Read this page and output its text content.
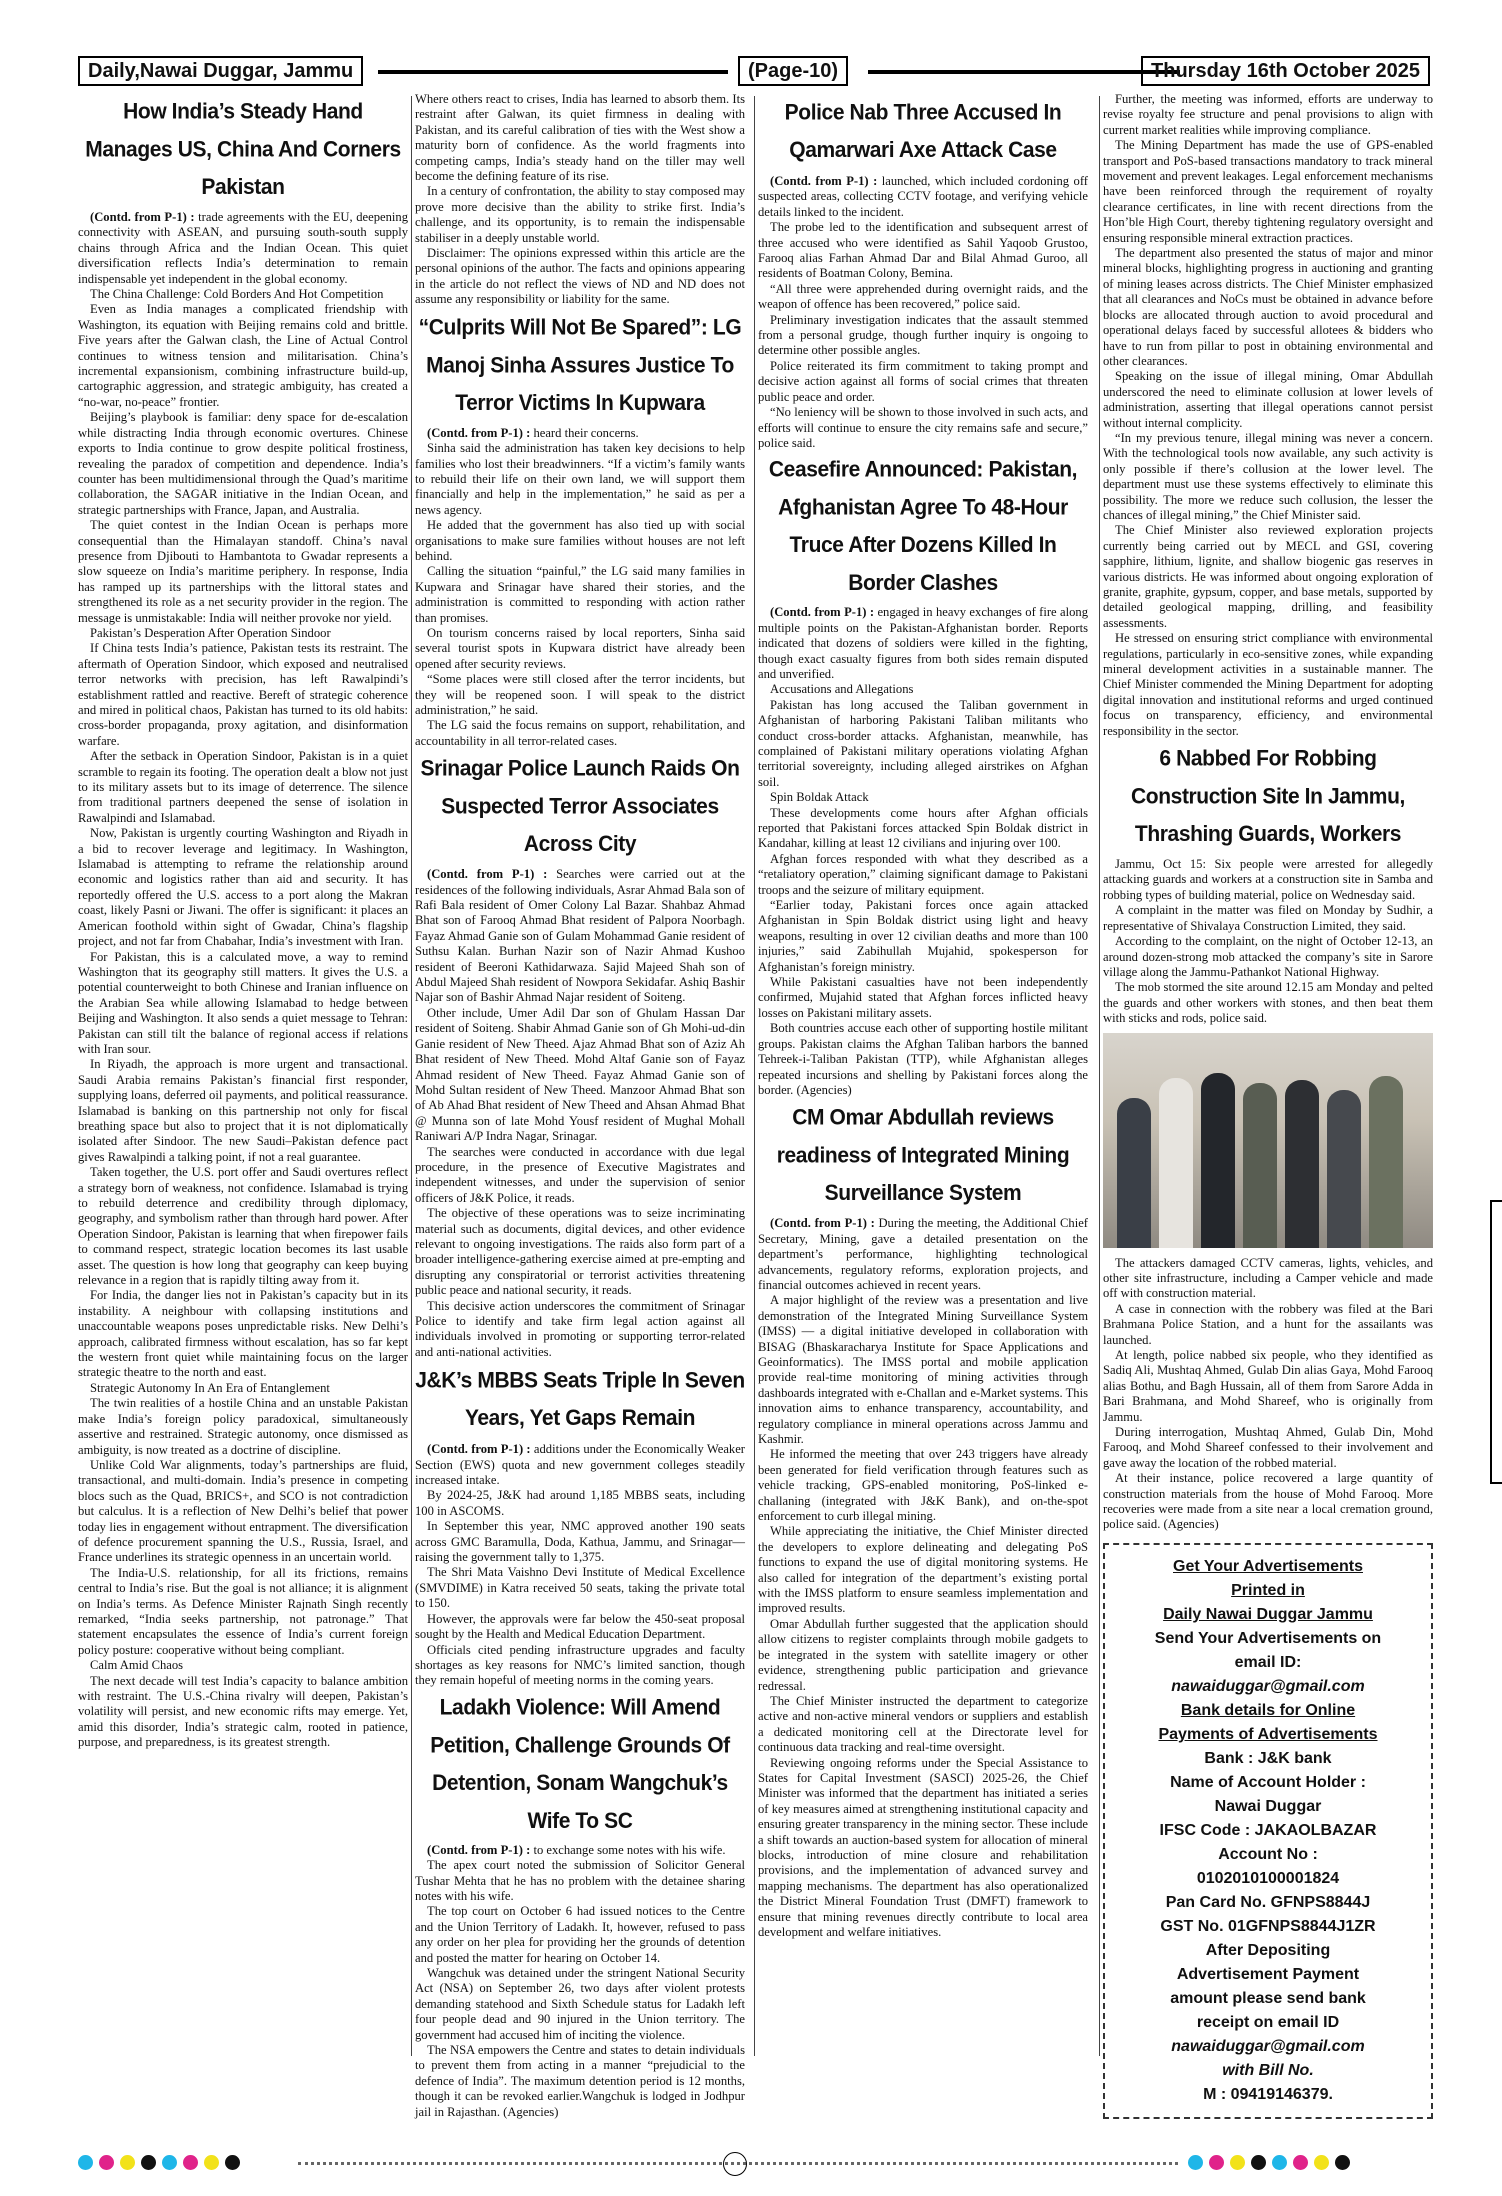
Daily,Nawai Duggar, Jammu	(Page-10)	Thursday 16th October 2025
How India’s Steady Hand Manages US, China And Corners Pakistan

(Contd. from P-1) : trade agreements with the EU, deepening connectivity with ASEAN, and pursuing south-south supply chains through Africa and the Indian Ocean. This quiet diversification reflects India’s determination to remain indispensable yet independent in the global economy.

The China Challenge: Cold Borders And Hot Competition

Even as India manages a complicated friendship with Washington, its equation with Beijing remains cold and brittle. Five years after the Galwan clash, the Line of Actual Control continues to witness tension and militarisation. China’s incremental expansionism, combining infrastructure build-up, cartographic aggression, and strategic ambiguity, has created a “no-war, no-peace” frontier.

Beijing’s playbook is familiar: deny space for de-escalation while distracting India through economic overtures. Chinese exports to India continue to grow despite political frostiness, revealing the paradox of competition and dependence. India’s counter has been multidimensional through the Quad’s maritime collaboration, the SAGAR initiative in the Indian Ocean, and strategic partnerships with France, Japan, and Australia.

The quiet contest in the Indian Ocean is perhaps more consequential than the Himalayan standoff. China’s naval presence from Djibouti to Hambantota to Gwadar represents a slow squeeze on India’s maritime periphery. In response, India has ramped up its partnerships with the littoral states and strengthened its role as a net security provider in the region. The message is unmistakable: India will neither provoke nor yield.

Pakistan’s Desperation After Operation Sindoor

If China tests India’s patience, Pakistan tests its restraint. The aftermath of Operation Sindoor, which exposed and neutralised terror networks with precision, has left Rawalpindi’s establishment rattled and reactive. Bereft of strategic coherence and mired in political chaos, Pakistan has turned to its old habits: cross-border propaganda, proxy agitation, and disinformation warfare.

After the setback in Operation Sindoor, Pakistan is in a quiet scramble to regain its footing. The operation dealt a blow not just to its military assets but to its image of deterrence. The silence from traditional partners deepened the sense of isolation in Rawalpindi and Islamabad.

Now, Pakistan is urgently courting Washington and Riyadh in a bid to recover leverage and legitimacy. In Washington, Islamabad is attempting to reframe the relationship around economic and logistics rather than aid and security. It has reportedly offered the U.S. access to a port along the Makran coast, likely Pasni or Jiwani. The offer is significant: it places an American foothold within sight of Gwadar, China’s flagship project, and not far from Chabahar, India’s investment with Iran.

For Pakistan, this is a calculated move, a way to remind Washington that its geography still matters. It gives the U.S. a potential counterweight to both Chinese and Iranian influence on the Arabian Sea while allowing Islamabad to hedge between Beijing and Washington. It also sends a quiet message to Tehran: Pakistan can still tilt the balance of regional access if relations with Iran sour.

In Riyadh, the approach is more urgent and transactional. Saudi Arabia remains Pakistan’s financial first responder, supplying loans, deferred oil payments, and political reassurance. Islamabad is banking on this partnership not only for fiscal breathing space but also to project that it is not diplomatically isolated after Sindoor. The new Saudi–Pakistan defence pact gives Rawalpindi a talking point, if not a real guarantee.

Taken together, the U.S. port offer and Saudi overtures reflect a strategy born of weakness, not confidence. Islamabad is trying to rebuild deterrence and credibility through diplomacy, geography, and symbolism rather than through hard power. After Operation Sindoor, Pakistan is learning that when firepower fails to command respect, strategic location becomes its last usable asset. The question is how long that geography can keep buying relevance in a region that is rapidly tilting away from it.

For India, the danger lies not in Pakistan’s capacity but in its instability. A neighbour with collapsing institutions and unaccountable weapons poses unpredictable risks. New Delhi’s approach, calibrated firmness without escalation, has so far kept the western front quiet while maintaining focus on the larger strategic theatre to the north and east.

Strategic Autonomy In An Era of Entanglement

The twin realities of a hostile China and an unstable Pakistan make India’s foreign policy paradoxical, simultaneously assertive and restrained. Strategic autonomy, once dismissed as ambiguity, is now treated as a doctrine of discipline.

Unlike Cold War alignments, today’s partnerships are fluid, transactional, and multi-domain. India’s presence in competing blocs such as the Quad, BRICS+, and SCO is not contradiction but calculus. It is a reflection of New Delhi’s belief that power today lies in engagement without entrapment. The diversification of defence procurement spanning the U.S., Russia, Israel, and France underlines its strategic openness in an uncertain world.

The India-U.S. relationship, for all its frictions, remains central to India’s rise. But the goal is not alliance; it is alignment on India’s terms. As Defence Minister Rajnath Singh recently remarked, “India seeks partnership, not patronage.” That statement encapsulates the essence of India’s current foreign policy posture: cooperative without being compliant.

Calm Amid Chaos

The next decade will test India’s capacity to balance ambition with restraint. The U.S.-China rivalry will deepen, Pakistan’s volatility will persist, and new economic rifts may emerge. Yet, amid this disorder, India’s strategic calm, rooted in patience, purpose, and preparedness, is its greatest strength.

Where others react to crises, India has learned to absorb them. Its restraint after Galwan, its quiet firmness in dealing with Pakistan, and its careful calibration of ties with the West show a maturity born of confidence. As the world fragments into competing camps, India’s steady hand on the tiller may well become the defining feature of its rise.

In a century of confrontation, the ability to stay composed may prove more decisive than the ability to strike first. India’s challenge, and its opportunity, is to remain the indispensable stabiliser in a deeply unstable world.

Disclaimer: The opinions expressed within this article are the personal opinions of the author. The facts and opinions appearing in the article do not reflect the views of ND and ND does not assume any responsibility or liability for the same.

“Culprits Will Not Be Spared”: LG Manoj Sinha Assures Justice To Terror Victims In Kupwara

(Contd. from P-1) : heard their concerns.

Sinha said the administration has taken key decisions to help families who lost their breadwinners. “If a victim’s family wants to rebuild their life on their own land, we will support them financially and help in the implementation,” he said as per a news agency.

He added that the government has also tied up with social organisations to make sure families without houses are not left behind.

Calling the situation “painful,” the LG said many families in Kupwara and Srinagar have shared their stories, and the administration is committed to responding with action rather than promises.

On tourism concerns raised by local reporters, Sinha said several tourist spots in Kupwara district have already been opened after security reviews.

“Some places were still closed after the terror incidents, but they will be reopened soon. I will speak to the district administration,” he said.

The LG said the focus remains on support, rehabilitation, and accountability in all terror-related cases.

Srinagar Police Launch Raids On Suspected Terror Associates Across City

(Contd. from P-1) : Searches were carried out at the residences of the following individuals, Asrar Ahmad Bala son of Rafi Bala resident of Omer Colony Lal Bazar. Shahbaz Ahmad Bhat son of Farooq Ahmad Bhat resident of Palpora Noorbagh. Fayaz Ahmad Ganie son of Gulam Mohammad Ganie resident of Suthsu Kalan. Burhan Nazir son of Nazir Ahmad Kushoo resident of Beeroni Kathidarwaza. Sajid Majeed Shah son of Abdul Majeed Shah resident of Nowpora Sekidafar. Ashiq Bashir Najar son of Bashir Ahmad Najar resident of Soiteng.

Other include, Umer Adil Dar son of Ghulam Hassan Dar resident of Soiteng. Shabir Ahmad Ganie son of Gh Mohi-ud-din Ganie resident of New Theed. Ajaz Ahmad Bhat son of Aziz Ah Bhat resident of New Theed. Mohd Altaf Ganie son of Fayaz Ahmad resident of New Theed. Fayaz Ahmad Ganie son of Mohd Sultan resident of New Theed. Manzoor Ahmad Bhat son of Ab Ahad Bhat resident of New Theed and Ahsan Ahmad Bhat @ Munna son of late Mohd Yousf resident of Mughal Mohall Raniwari A/P Indra Nagar, Srinagar.

The searches were conducted in accordance with due legal procedure, in the presence of Executive Magistrates and independent witnesses, and under the supervision of senior officers of J&K Police, it reads.

The objective of these operations was to seize incriminating material such as documents, digital devices, and other evidence relevant to ongoing investigations. The raids also form part of a broader intelligence-gathering exercise aimed at pre-empting and disrupting any conspiratorial or terrorist activities threatening public peace and national security, it reads.

This decisive action underscores the commitment of Srinagar Police to identify and take firm legal action against all individuals involved in promoting or supporting terror-related and anti-national activities.

J&K’s MBBS Seats Triple In Seven Years, Yet Gaps Remain

(Contd. from P-1) : additions under the Economically Weaker Section (EWS) quota and new government colleges steadily increased intake.

By 2024-25, J&K had around 1,185 MBBS seats, including 100 in ASCOMS.

In September this year, NMC approved another 190 seats across GMC Baramulla, Doda, Kathua, Jammu, and Srinagar—raising the government tally to 1,375.

The Shri Mata Vaishno Devi Institute of Medical Excellence (SMVDIME) in Katra received 50 seats, taking the private total to 150.

However, the approvals were far below the 450-seat proposal sought by the Health and Medical Education Department.

Officials cited pending infrastructure upgrades and faculty shortages as key reasons for NMC’s limited sanction, though they remain hopeful of meeting norms in the coming years.

Ladakh Violence: Will Amend Petition, Challenge Grounds Of Detention, Sonam Wangchuk’s Wife To SC

(Contd. from P-1) : to exchange some notes with his wife.

The apex court noted the submission of Solicitor General Tushar Mehta that he has no problem with the detainee sharing notes with his wife.

The top court on October 6 had issued notices to the Centre and the Union Territory of Ladakh. It, however, refused to pass any order on her plea for providing her the grounds of detention and posted the matter for hearing on October 14.

Wangchuk was detained under the stringent National Security Act (NSA) on September 26, two days after violent protests demanding statehood and Sixth Schedule status for Ladakh left four people dead and 90 injured in the Union territory. The government had accused him of inciting the violence.

The NSA empowers the Centre and states to detain individuals to prevent them from acting in a manner “prejudicial to the defence of India”. The maximum detention period is 12 months, though it can be revoked earlier.Wangchuk is lodged in Jodhpur jail in Rajasthan. (Agencies)

Police Nab Three Accused In Qamarwari Axe Attack Case

(Contd. from P-1) : launched, which included cordoning off suspected areas, collecting CCTV footage, and verifying vehicle details linked to the incident.

The probe led to the identification and subsequent arrest of three accused who were identified as Sahil Yaqoob Grustoo, Farooq alias Farhan Ahmad Dar and Bilal Ahmad Guroo, all residents of Boatman Colony, Bemina.

“All three were apprehended during overnight raids, and the weapon of offence has been recovered,” police said.

Preliminary investigation indicates that the assault stemmed from a personal grudge, though further inquiry is ongoing to determine other possible angles.

Police reiterated its firm commitment to taking prompt and decisive action against all forms of social crimes that threaten public peace and order.

“No leniency will be shown to those involved in such acts, and efforts will continue to ensure the city remains safe and secure,” police said.

Ceasefire Announced: Pakistan, Afghanistan Agree To 48-Hour Truce After Dozens Killed In Border Clashes

(Contd. from P-1) : engaged in heavy exchanges of fire along multiple points on the Pakistan-Afghanistan border. Reports indicated that dozens of soldiers were killed in the fighting, though exact casualty figures from both sides remain disputed and unverified.

Accusations and Allegations

Pakistan has long accused the Taliban government in Afghanistan of harboring Pakistani Taliban militants who conduct cross-border attacks. Afghanistan, meanwhile, has complained of Pakistani military operations violating Afghan territorial sovereignty, including alleged airstrikes on Afghan soil.

Spin Boldak Attack

These developments come hours after Afghan officials reported that Pakistani forces attacked Spin Boldak district in Kandahar, killing at least 12 civilians and injuring over 100.

Afghan forces responded with what they described as a “retaliatory operation,” claiming significant damage to Pakistani troops and the seizure of military equipment.

“Earlier today, Pakistani forces once again attacked Afghanistan in Spin Boldak district using light and heavy weapons, resulting in over 12 civilian deaths and more than 100 injuries,” said Zabihullah Mujahid, spokesperson for Afghanistan’s foreign ministry.

While Pakistani casualties have not been independently confirmed, Mujahid stated that Afghan forces inflicted heavy losses on Pakistani military assets.

Both countries accuse each other of supporting hostile militant groups. Pakistan claims the Afghan Taliban harbors the banned Tehreek-i-Taliban Pakistan (TTP), while Afghanistan alleges repeated incursions and shelling by Pakistani forces along the border. (Agencies)

CM Omar Abdullah reviews readiness of Integrated Mining Surveillance System

(Contd. from P-1) : During the meeting, the Additional Chief Secretary, Mining, gave a detailed presentation on the department’s performance, highlighting technological advancements, regulatory reforms, exploration projects, and financial outcomes achieved in recent years.

A major highlight of the review was a presentation and live demonstration of the Integrated Mining Surveillance System (IMSS) — a digital initiative developed in collaboration with BISAG (Bhaskaracharya Institute for Space Applications and Geoinformatics). The IMSS portal and mobile application provide real-time monitoring of mining activities through dashboards integrated with e-Challan and e-Market systems. This innovation aims to enhance transparency, accountability, and regulatory compliance in mineral operations across Jammu and Kashmir.

He informed the meeting that over 243 triggers have already been generated for field verification through features such as vehicle tracking, GPS-enabled monitoring, PoS-linked e-challaning (integrated with J&K Bank), and on-the-spot enforcement to curb illegal mining.

While appreciating the initiative, the Chief Minister directed the developers to explore delineating and delegating PoS functions to expand the use of digital monitoring systems. He also called for integration of the department’s existing portal with the IMSS platform to ensure seamless implementation and improved results.

Omar Abdullah further suggested that the application should allow citizens to register complaints through mobile gadgets to be integrated in the system with satellite imagery or other evidence, strengthening public participation and grievance redressal.

The Chief Minister instructed the department to categorize active and non-active mineral vendors or suppliers and establish a dedicated monitoring cell at the Directorate level for continuous data tracking and real-time oversight.

Reviewing ongoing reforms under the Special Assistance to States for Capital Investment (SASCI) 2025-26, the Chief Minister was informed that the department has initiated a series of key measures aimed at strengthening institutional capacity and ensuring greater transparency in the mining sector. These include a shift towards an auction-based system for allocation of mineral blocks, introduction of mine closure and rehabilitation provisions, and the implementation of advanced survey and mapping mechanisms. The department has also operationalized the District Mineral Foundation Trust (DMFT) framework to ensure that mining revenues directly contribute to local area development and welfare initiatives.

Further, the meeting was informed, efforts are underway to revise royalty fee structure and penal provisions to align with current market realities while improving compliance.

The Mining Department has made the use of GPS-enabled transport and PoS-based transactions mandatory to track mineral movement and prevent leakages. Legal enforcement mechanisms have been reinforced through the requirement of royalty clearance certificates, in line with recent directions from the Hon’ble High Court, thereby tightening regulatory oversight and ensuring responsible mineral extraction practices.

The department also presented the status of major and minor mineral blocks, highlighting progress in auctioning and granting of mining leases across districts. The Chief Minister emphasized that all clearances and NoCs must be obtained in advance before blocks are allocated through auction to avoid procedural and operational delays faced by successful allotees & bidders who have to run from pillar to post in obtaining environmental and other clearances.

Speaking on the issue of illegal mining, Omar Abdullah underscored the need to eliminate collusion at lower levels of administration, asserting that illegal operations cannot persist without internal complicity.

“In my previous tenure, illegal mining was never a concern. With the technological tools now available, any such activity is only possible if there’s collusion at the lower level. The department must use these systems effectively to eliminate this possibility. The more we reduce such collusion, the lesser the chances of illegal mining,” the Chief Minister said.

The Chief Minister also reviewed exploration projects currently being carried out by MECL and GSI, covering sapphire, lithium, lignite, and shallow biogenic gas reserves in various districts. He was informed about ongoing exploration of granite, graphite, gypsum, copper, and base metals, supported by detailed geological mapping, drilling, and feasibility assessments.

He stressed on ensuring strict compliance with environmental regulations, particularly in eco-sensitive zones, while expanding mineral development activities in a sustainable manner. The Chief Minister commended the Mining Department for adopting digital innovation and institutional reforms and urged continued focus on transparency, efficiency, and environmental responsibility in the sector.

6 Nabbed For Robbing Construction Site In Jammu, Thrashing Guards, Workers

Jammu, Oct 15: Six people were arrested for allegedly attacking guards and workers at a construction site in Samba and robbing types of building material, police on Wednesday said.

A complaint in the matter was filed on Monday by Sudhir, a representative of Shivalaya Construction Limited, they said.

According to the complaint, on the night of October 12-13, an around dozen-strong mob attacked the company’s site in Sarore village along the Jammu-Pathankot National Highway.

The mob stormed the site around 12.15 am Monday and pelted the guards and other workers with stones, and then beat them with sticks and rods, police said.

The attackers damaged CCTV cameras, lights, vehicles, and other site infrastructure, including a Camper vehicle and made off with construction material.

A case in connection with the robbery was filed at the Bari Brahmana Police Station, and a hunt for the assailants was launched.

At length, police nabbed six people, who they identified as Sadiq Ali, Mushtaq Ahmed, Gulab Din alias Gaya, Mohd Farooq alias Bothu, and Bagh Hussain, all of them from Sarore Adda in Bari Brahmana, and Mohd Shareef, who is originally from Jammu.

During interrogation, Mushtaq Ahmed, Gulab Din, Mohd Farooq, and Mohd Shareef confessed to their involvement and gave away the location of the robbed material.

At their instance, police recovered a large quantity of construction materials from the house of Mohd Farooq. More recoveries were made from a site near a local cremation ground, police said. (Agencies)

Get Your Advertisements
Printed in
Daily Nawai Duggar Jammu
Send Your Advertisements on
email ID:
nawaiduggar@gmail.com
Bank details for Online
Payments of Advertisements
Bank : J&K bank
Name of Account Holder :
Nawai Duggar
IFSC Code : JAKAOLBAZAR
Account No :
0102010100001824
Pan Card No. GFNPS8844J
GST No. 01GFNPS8844J1ZR
After Depositing
Advertisement Payment
amount please send bank
receipt on email ID
nawaiduggar@gmail.com
with Bill No.
M : 09419146379.
